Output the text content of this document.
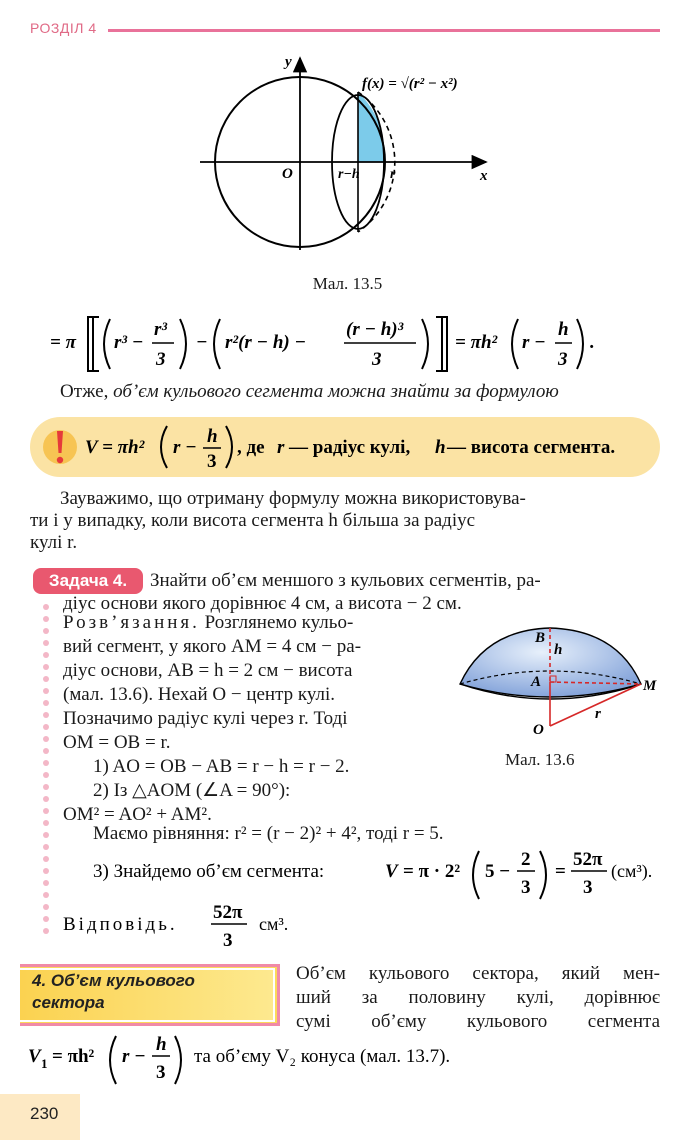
РОЗДІЛ 4
x
y
O	r−h r
f(x) = √(r² − x²)
Мал. 13.5
= π r³ −
r³
3
− r²(r − h) −
(r − h)³
3
= πh² r −
h
3
.
= π[(r³ − r³/3) − (r²(r − h) − (r − h)³/3)] = πh²(r − h/3).
Отже, об’єм кульового сегмента можна знайти за формулою
V = πh² r −
h
3
, де r — радіус кулі, h — висота сегмента.
V = πh²(r − h/3), де r — радіус кулі, h — висота сегмента.
Зауважимо, що отриману формулу можна використовува-
ти і у випадку, коли висота сегмента h більша за радіус
кулі r.
Задача 4.	Знайти об’єм меншого з кульових сегментів, ра-
діус основи якого дорівнює 4 см, а висота − 2 см.
Розв’язання. Розглянемо кульо-
вий сегмент, у якого AM = 4 см − ра-
діус основи, AB = h = 2 см − висота
(мал. 13.6). Нехай O − центр кулі.
Позначимо радіус кулі через r. Тоді
OM = OB = r.
1) AO = OB − AB = r − h = r − 2.
2) Із △AOM (∠A = 90°):
OM² = AO² + AM².
Маємо рівняння: r² = (r − 2)² + 4², тоді r = 5.
B
h
A	M
O
r
Мал. 13.6
3) Знайдемо об’єм сегмента:	V = π · 2² 5 −
2
3
=
52π
3
(см³).
Відповідь.
52π
3
см³.
4. Об’єм кульового
сектора
Об’єм кульового сектора, який мен-
ший за половину кулі, дорівнює
сумі об’єму кульового сегмента
V 1 = πh² r −
h
3
та об’єму V₂ конуса (мал. 13.7).
230
